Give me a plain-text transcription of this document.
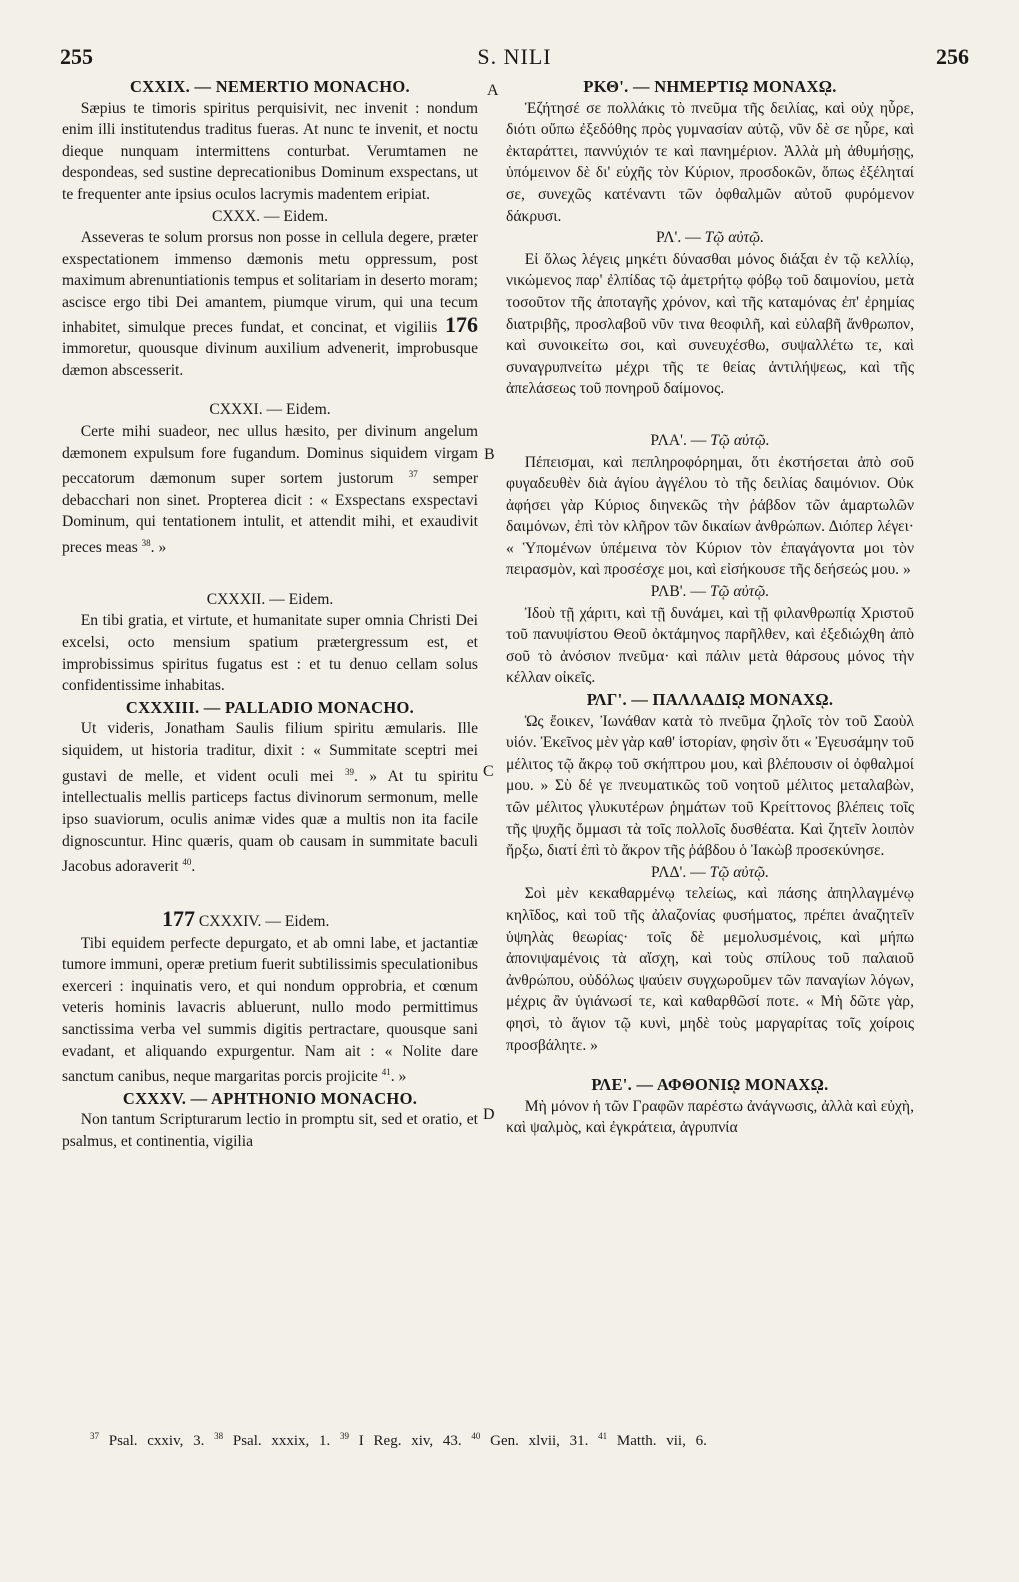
255	S. NILI	256
A
B
C
D
CXXIX. — NEMERTIO MONACHO.

Sæpius te timoris spiritus perquisivit, nec invenit : nondum enim illi institutendus traditus fueras. At nunc te invenit, et noctu dieque nunquam intermittens conturbat. Verumtamen ne despondeas, sed sustine deprecationibus Dominum exspectans, ut te frequenter ante ipsius oculos lacrymis madentem eripiat.

CXXX. — Eidem.

Asseveras te solum prorsus non posse in cellula degere, præter exspectationem immenso dæmonis metu oppressum, post maximum abrenuntiationis tempus et solitariam in deserto moram; ascisce ergo tibi Dei amantem, piumque virum, qui una tecum inhabitet, simulque preces fundat, et concinat, et vigiliis 176 immoretur, quousque divinum auxilium advenerit, improbusque dæmon abscesserit.

CXXXI. — Eidem.

Certe mihi suadeor, nec ullus hæsito, per divinum angelum dæmonem expulsum fore fugandum. Dominus siquidem virgam peccatorum dæmonum super sortem justorum $^{37}$ semper debacchari non sinet. Propterea dicit : « Exspectans exspectavi Dominum, qui tentationem intulit, et attendit mihi, et exaudivit preces meas $^{38}$. »

CXXXII. — Eidem.

En tibi gratia, et virtute, et humanitate super omnia Christi Dei excelsi, octo mensium spatium prætergressum est, et improbissimus spiritus fugatus est : et tu denuo cellam solus confidentissime inhabitas.

CXXXIII. — PALLADIO MONACHO.

Ut videris, Jonatham Saulis filium spiritu æmularis. Ille siquidem, ut historia traditur, dixit : « Summitate sceptri mei gustavi de melle, et vident oculi mei $^{39}$. » At tu spiritu intellectualis mellis particeps factus divinorum sermonum, melle ipso suaviorum, oculis animæ vides quæ a multis non ita facile dignoscuntur. Hinc quæris, quam ob causam in summitate baculi Jacobus adoraverit $^{40}$.

177 CXXXIV. — Eidem.

Tibi equidem perfecte depurgato, et ab omni labe, et jactantiæ tumore immuni, operæ pretium fuerit subtilissimis speculationibus exerceri : inquinatis vero, et qui nondum opprobria, et cœnum veteris hominis lavacris abluerunt, nullo modo permittimus sanctissima verba vel summis digitis pertractare, quousque sani evadant, et aliquando expurgentur. Nam ait : « Nolite dare sanctum canibus, neque margaritas porcis projicite $^{41}$. »

CXXXV. — APHTHONIO MONACHO.

Non tantum Scripturarum lectio in promptu sit, sed et oratio, et psalmus, et continentia, vigilia

ΡΚΘ'. — ΝΗΜΕΡΤΙῼ ΜΟΝΑΧῼ.

Ἐζήτησέ σε πολλάκις τὸ πνεῦμα τῆς δειλίας, καὶ οὐχ ηὗρε, διότι οὔπω ἐξεδόθης πρὸς γυμνασίαν αὐτῷ, νῦν δὲ σε ηὗρε, καὶ ἐκταράττει, παννύχιόν τε καὶ πανημέριον. Ἀλλὰ μὴ ἀθυμήσῃς, ὑπόμεινον δὲ δι' εὐχῆς τὸν Κύριον, προσδοκῶν, ὅπως ἐξέληταί σε, συνεχῶς κατέναντι τῶν ὀφθαλμῶν αὐτοῦ φυρόμενον δάκρυσι.

ΡΛ'. — Τῷ αὐτῷ.

Εἰ ὅλως λέγεις μηκέτι δύνασθαι μόνος διάξαι ἐν τῷ κελλίῳ, νικώμενος παρ' ἐλπίδας τῷ ἀμετρήτῳ φόβῳ τοῦ δαιμονίου, μετὰ τοσοῦτον τῆς ἀποταγῆς χρόνον, καὶ τῆς καταμόνας ἐπ' ἐρημίας διατριβῆς, προσλαβοῦ νῦν τινα θεοφιλῆ, καὶ εὐλαβῆ ἄνθρωπον, καὶ συνοικείτω σοι, καὶ συνευχέσθω, συψαλλέτω τε, καὶ συναγρυπνείτω μέχρι τῆς τε θείας ἀντιλήψεως, καὶ τῆς ἀπελάσεως τοῦ πονηροῦ δαίμονος.

ΡΛΑ'. — Τῷ αὐτῷ.

Πέπεισμαι, καὶ πεπληροφόρημαι, ὅτι ἐκστήσεται ἀπὸ σοῦ φυγαδευθὲν διὰ ἁγίου ἀγγέλου τὸ τῆς δειλίας δαιμόνιον. Οὐκ ἀφήσει γὰρ Κύριος διηνεκῶς τὴν ῥάβδον τῶν ἁμαρτωλῶν δαιμόνων, ἐπὶ τὸν κλῆρον τῶν δικαίων ἀνθρώπων. Διόπερ λέγει· « Ὑπομένων ὑπέμεινα τὸν Κύριον τὸν ἐπαγάγοντα μοι τὸν πειρασμὸν, καὶ προσέσχε μοι, καὶ εἰσήκουσε τῆς δεήσεώς μου. »

ΡΛΒ'. — Τῷ αὐτῷ.

Ἰδοὺ τῇ χάριτι, καὶ τῇ δυνάμει, καὶ τῇ φιλανθρωπίᾳ Χριστοῦ τοῦ πανυψίστου Θεοῦ ὀκτάμηνος παρῆλθεν, καὶ ἐξεδιώχθη ἀπὸ σοῦ τὸ ἀνόσιον πνεῦμα· καὶ πάλιν μετὰ θάρσους μόνος τὴν κέλλαν οἰκεῖς.

ΡΛΓ'. — ΠΑΛΛΑΔΙῼ ΜΟΝΑΧῼ.

Ὡς ἔοικεν, Ἰωνάθαν κατὰ τὸ πνεῦμα ζηλοῖς τὸν τοῦ Σαοὺλ υἱόν. Ἐκεῖνος μὲν γὰρ καθ' ἱστορίαν, φησὶν ὅτι « Ἐγευσάμην τοῦ μέλιτος τῷ ἄκρῳ τοῦ σκήπτρου μου, καὶ βλέπουσιν οἱ ὀφθαλμοί μου. » Σὺ δέ γε πνευματικῶς τοῦ νοητοῦ μέλιτος μεταλαβὼν, τῶν μέλιτος γλυκυτέρων ῥημάτων τοῦ Κρείττονος βλέπεις τοῖς τῆς ψυχῆς ὄμμασι τὰ τοῖς πολλοῖς δυσθέατα. Καὶ ζητεῖν λοιπὸν ἤρξω, διατί ἐπὶ τὸ ἄκρον τῆς ῥάβδου ὁ Ἰακὼβ προσεκύνησε.

ΡΛΔ'. — Τῷ αὐτῷ.

Σοὶ μὲν κεκαθαρμένῳ τελείως, καὶ πάσης ἀπηλλαγμένῳ κηλῖδος, καὶ τοῦ τῆς ἀλαζονίας φυσήματος, πρέπει ἀναζητεῖν ὑψηλὰς θεωρίας· τοῖς δὲ μεμολυσμένοις, καὶ μήπω ἀπονιψαμένοις τὰ αἴσχη, καὶ τοὺς σπίλους τοῦ παλαιοῦ ἀνθρώπου, οὐδόλως ψαύειν συγχωροῦμεν τῶν παναγίων λόγων, μέχρις ἂν ὑγιάνωσί τε, καὶ καθαρθῶσί ποτε. « Μὴ δῶτε γὰρ, φησὶ, τὸ ἅγιον τῷ κυνὶ, μηδὲ τοὺς μαργαρίτας τοῖς χοίροις προσβάλητε. »

ΡΛΕ'. — ΑΦΘΟΝΙῼ ΜΟΝΑΧῼ.

Μὴ μόνον ἡ τῶν Γραφῶν παρέστω ἀνάγνωσις, ἀλλὰ καὶ εὐχὴ, καὶ ψαλμὸς, καὶ ἐγκράτεια, ἀγρυπνία

$^{37}$ Psal. cxxiv, 3. $^{38}$ Psal. xxxix, 1. $^{39}$ I Reg. xiv, 43. $^{40}$ Gen. xlvii, 31. $^{41}$ Matth. vii, 6.
